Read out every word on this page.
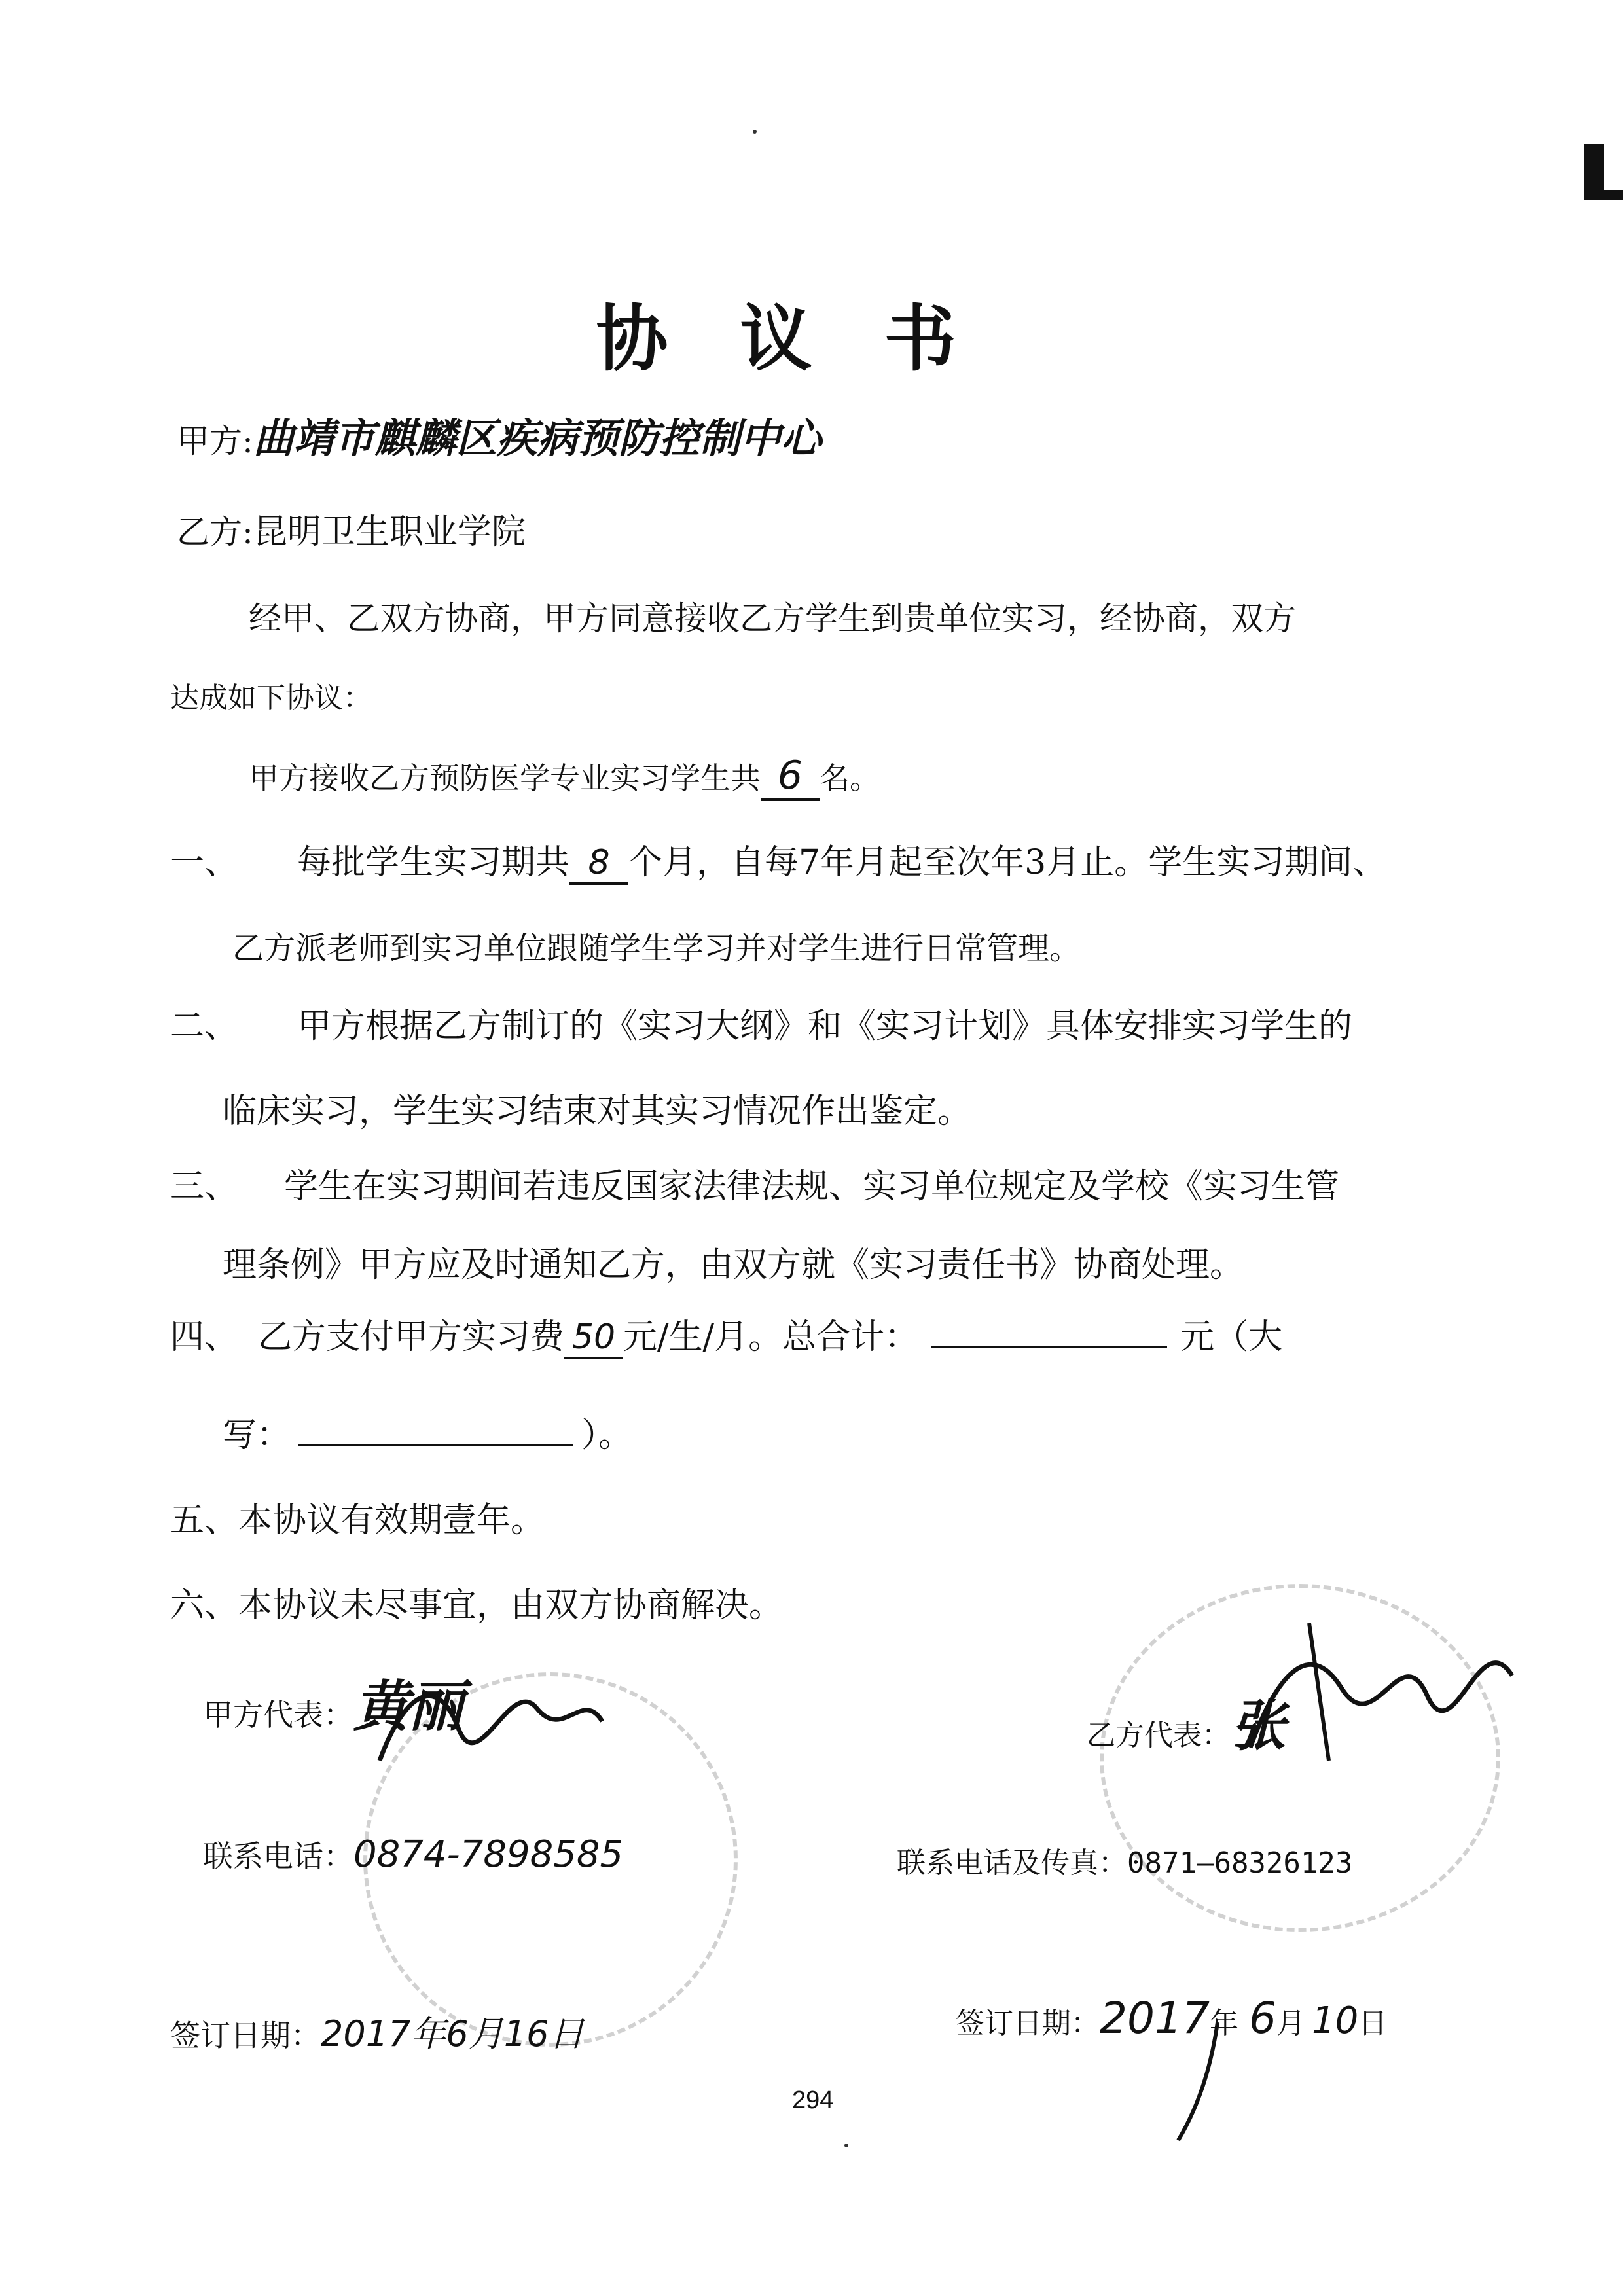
协议书
甲方:曲靖市麒麟区疾病预防控制中心
乙方:昆明卫生职业学院
经甲、乙双方协商，甲方同意接收乙方学生到贵单位实习，经协商，双方
达成如下协议：
甲方接收乙方预防医学专业实习学生共 6 名。
一、 每批学生实习期共 8 个月，自每7年月起至次年3月止。学生实习期间、
乙方派老师到实习单位跟随学生学习并对学生进行日常管理。
二、 甲方根据乙方制订的《实习大纲》和《实习计划》具体安排实习学生的
临床实习，学生实习结束对其实习情况作出鉴定。
三、 学生在实习期间若违反国家法律法规、实习单位规定及学校《实习生管
理条例》甲方应及时通知乙方，由双方就《实习责任书》协商处理。
四、 乙方支付甲方实习费 50 元/生/月。总合计：	元（大
写：	）。
五、本协议有效期壹年。
六、本协议未尽事宜，由双方协商解决。
甲方代表：黄丽
联系电话：0874-7898585
签订日期：2017年6月16日
乙方代表：张
联系电话及传真：0871—68326123
签订日期：2017年 6月 10日
294
